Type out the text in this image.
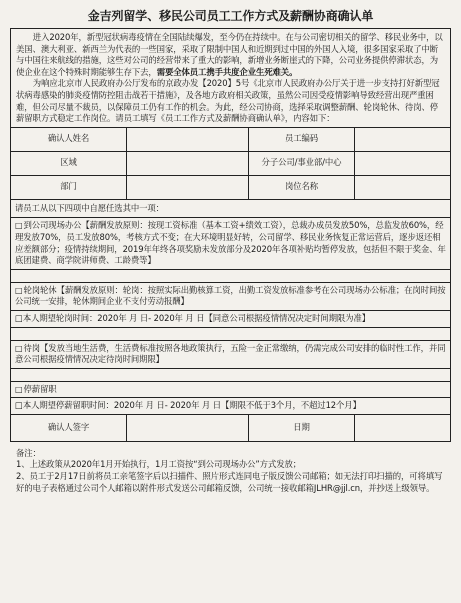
金吉列留学、移民公司员工工作方式及薪酬协商确认单

进入2020年，新型冠状病毒疫情在全国陆续爆发，至今仍在持续中。在与公司密切相关的留学、移民业务中，以美国、澳大利亚、新西兰为代表的一些国家，采取了限制中国人和近期到过中国的外国人入境，很多国家采取了中断与中国往来航线的措施，这些对公司的经营带来了重大的影响，新增业务断崖式的下降，公司业务提供停滞状态，为使企业在这个特殊时期能够生存下去，需要全体员工携手共度企业生死难关。

为响应北京市人民政府办公厅发布的京政办发【2020】5号《北京市人民政府办公厅关于进一步支持打好新型冠状病毒感染的肺炎疫情防控阻击战若干措施》，及各地方政府相关政策，虽然公司因受疫情影响导致经营出现严重困难，但公司尽量不裁员，以保障员工仍有工作的机会。为此，经公司协商，选择采取调整薪酬、轮岗轮休、待岗、停薪留职方式稳定工作岗位。请员工填写《员工工作方式及薪酬协商确认单》，内容如下：

确认人姓名	员工编码
区域	分子公司/事业部/中心
部门	岗位名称
请员工从以下四项中自愿任选其中一项：
□到公司现场办公【薪酬发放原则：按现工资标准（基本工资+绩效工资），总裁办成员发放50%，总监发放60%，经理发放70%，员工发放80%，考核方式不变；在大环境明显好转，公司留学、移民业务恢复正常运营后，逐步返还相应差额部分；疫情持续期间，2019年年终各项奖励未发放部分及2020年各项补贴均暂停发放，包括但不限于奖金、年底团建费、商学院讲师费、工龄费等】
□轮岗轮休【薪酬发放原则：轮岗：按照实际出勤核算工资，出勤工资发放标准参考在公司现场办公标准；在岗时间按公司统一安排，轮休期间企业不支付劳动报酬】
□本人期望轮岗时间：2020年 月 日- 2020年 月 日【同意公司根据疫情情况决定时间期限为准】
□待岗【发放当地生活费，生活费标准按照各地政策执行，五险一金正常缴纳，仍需完成公司安排的临时性工作，并同意公司根据疫情情况决定待岗时间期限】
□停薪留职
□本人期望停薪留职时间：2020年 月 日- 2020年 月 日【期限不低于3个月，不超过12个月】
确认人签字	日期
备注：
1、上述政策从2020年1月开始执行，1月工资按“到公司现场办公”方式发放；
2、员工于2月17日前将员工亲笔签字后以扫描件、照片形式连同电子版反馈公司邮箱；如无法打印扫描的，可将填写好的电子表格通过公司个人邮箱以附件形式发送公司邮箱反馈，公司统一接收邮箱JLHR@jjl.cn，并抄送上级领导。
